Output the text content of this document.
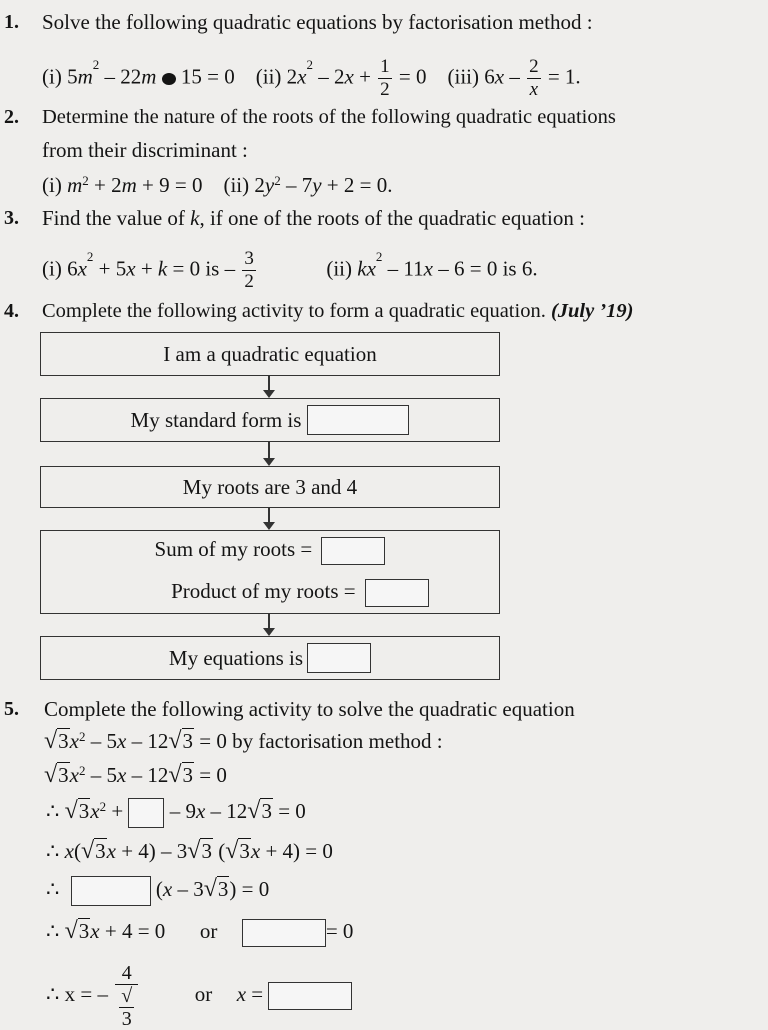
1. Solve the following quadratic equations by factorisation method :
(i) $5m^2 - 22m$ 15 = 0 (ii) $2x^2 - 2x + \frac{1}{2} = 0$ (iii) $6x - \frac{2}{x} = 1$.
2. Determine the nature of the roots of the following quadratic equations
from their discriminant :
(i) $m^2 + 2m + 9 = 0$ (ii) $2y^2 - 7y + 2 = 0$.
3. Find the value of k, if one of the roots of the quadratic equation :
(i) $6x^2 + 5x + k = 0$ is – $\frac{3}{2}$	(ii) $kx^2 - 11x - 6 = 0$ is 6.
4. Complete the following activity to form a quadratic equation. (July ’19)
I am a quadratic equation
My standard form is
My roots are 3 and 4
Sum of my roots =
Product of my roots =
My equations is
5. Complete the following activity to solve the quadratic equation
$√3x^2 - 5x - 12√3 = 0$ by factorisation method :
$√3x^2 - 5x - 12√3 = 0$
∴ $√3x^2$ +  – 9x – 12√3 = 0
∴ x(√3x + 4) – 3√3 (√3x + 4) = 0
∴	(x – 3√3) = 0
∴ √3x + 4 = 0  or	= 0
∴ x = – 4
√
3	or x =
